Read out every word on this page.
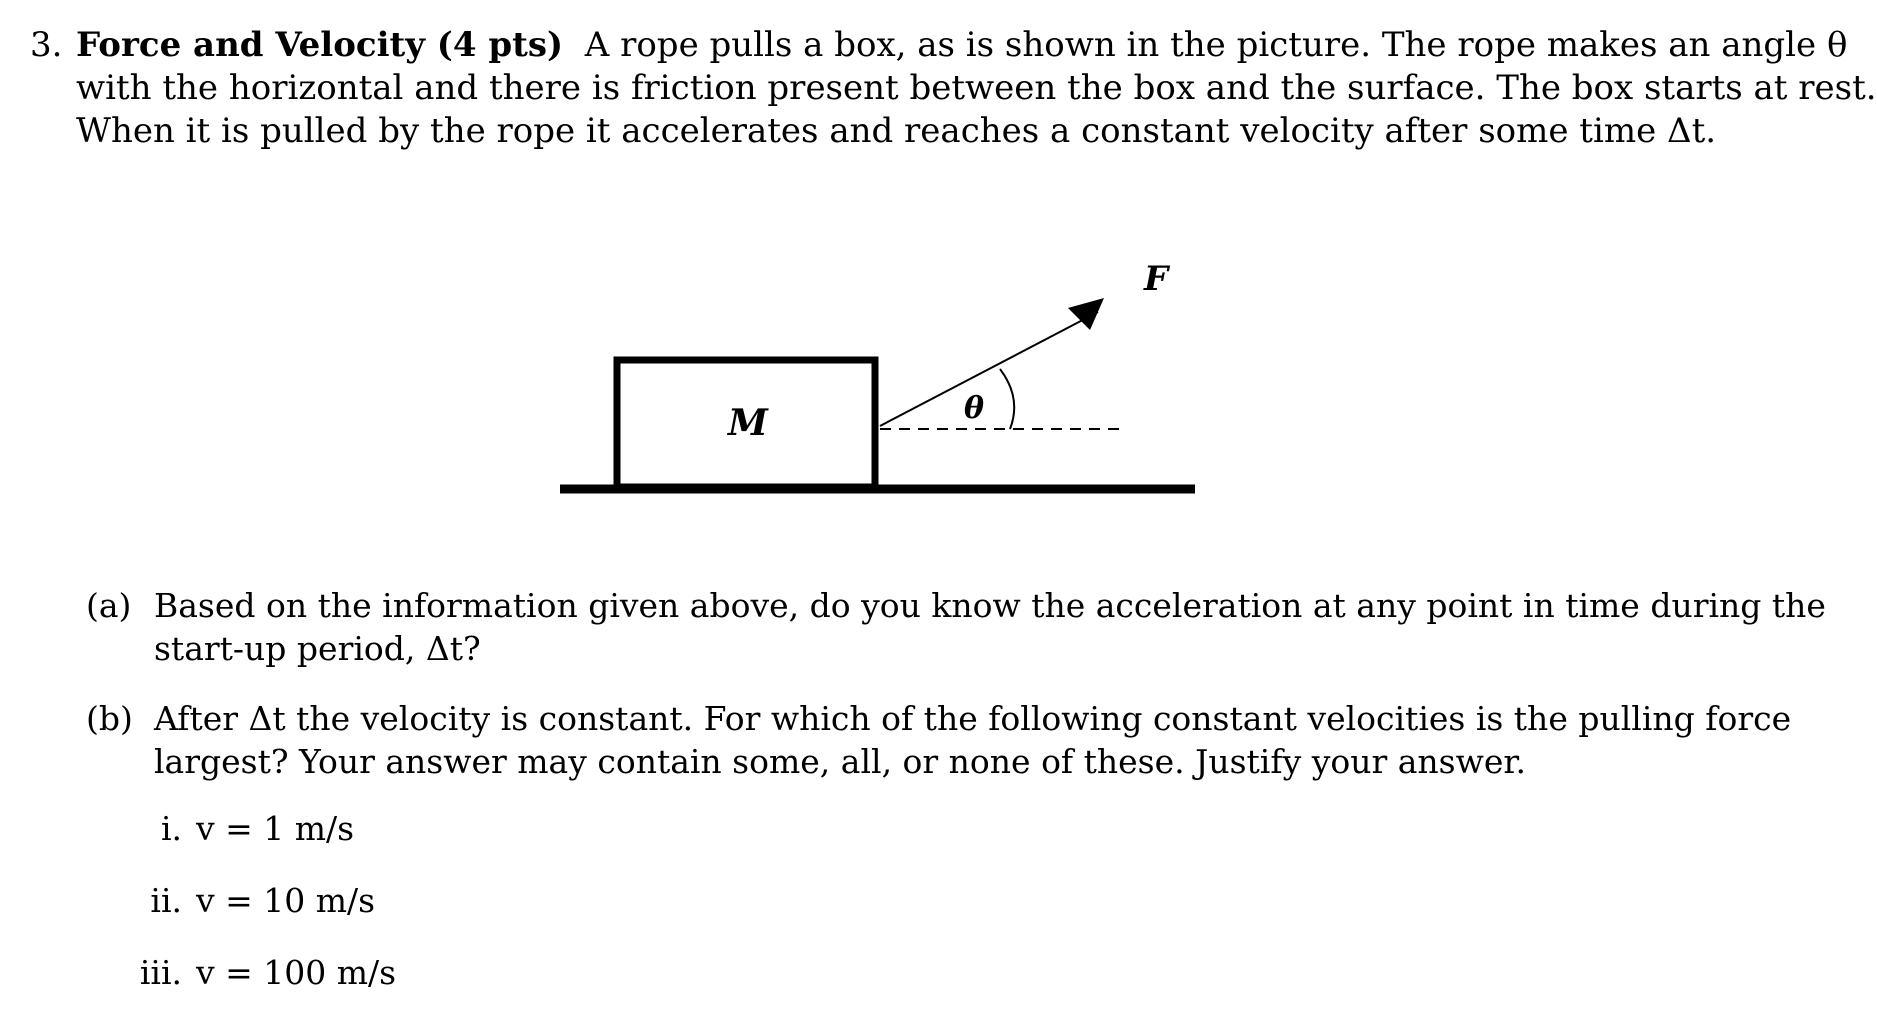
3. Force and Velocity (4 pts) A rope pulls a box, as is shown in the picture. The rope makes an angle θ
with the horizontal and there is friction present between the box and the surface. The box starts at rest.
When it is pulled by the rope it accelerates and reaches a constant velocity after some time Δt.
M
F
θ
(a) Based on the information given above, do you know the acceleration at any point in time during the
start-up period, Δt?
(b) After Δt the velocity is constant. For which of the following constant velocities is the pulling force
largest? Your answer may contain some, all, or none of these. Justify your answer.
i. v = 1 m/s
ii. v = 10 m/s
iii. v = 100 m/s
